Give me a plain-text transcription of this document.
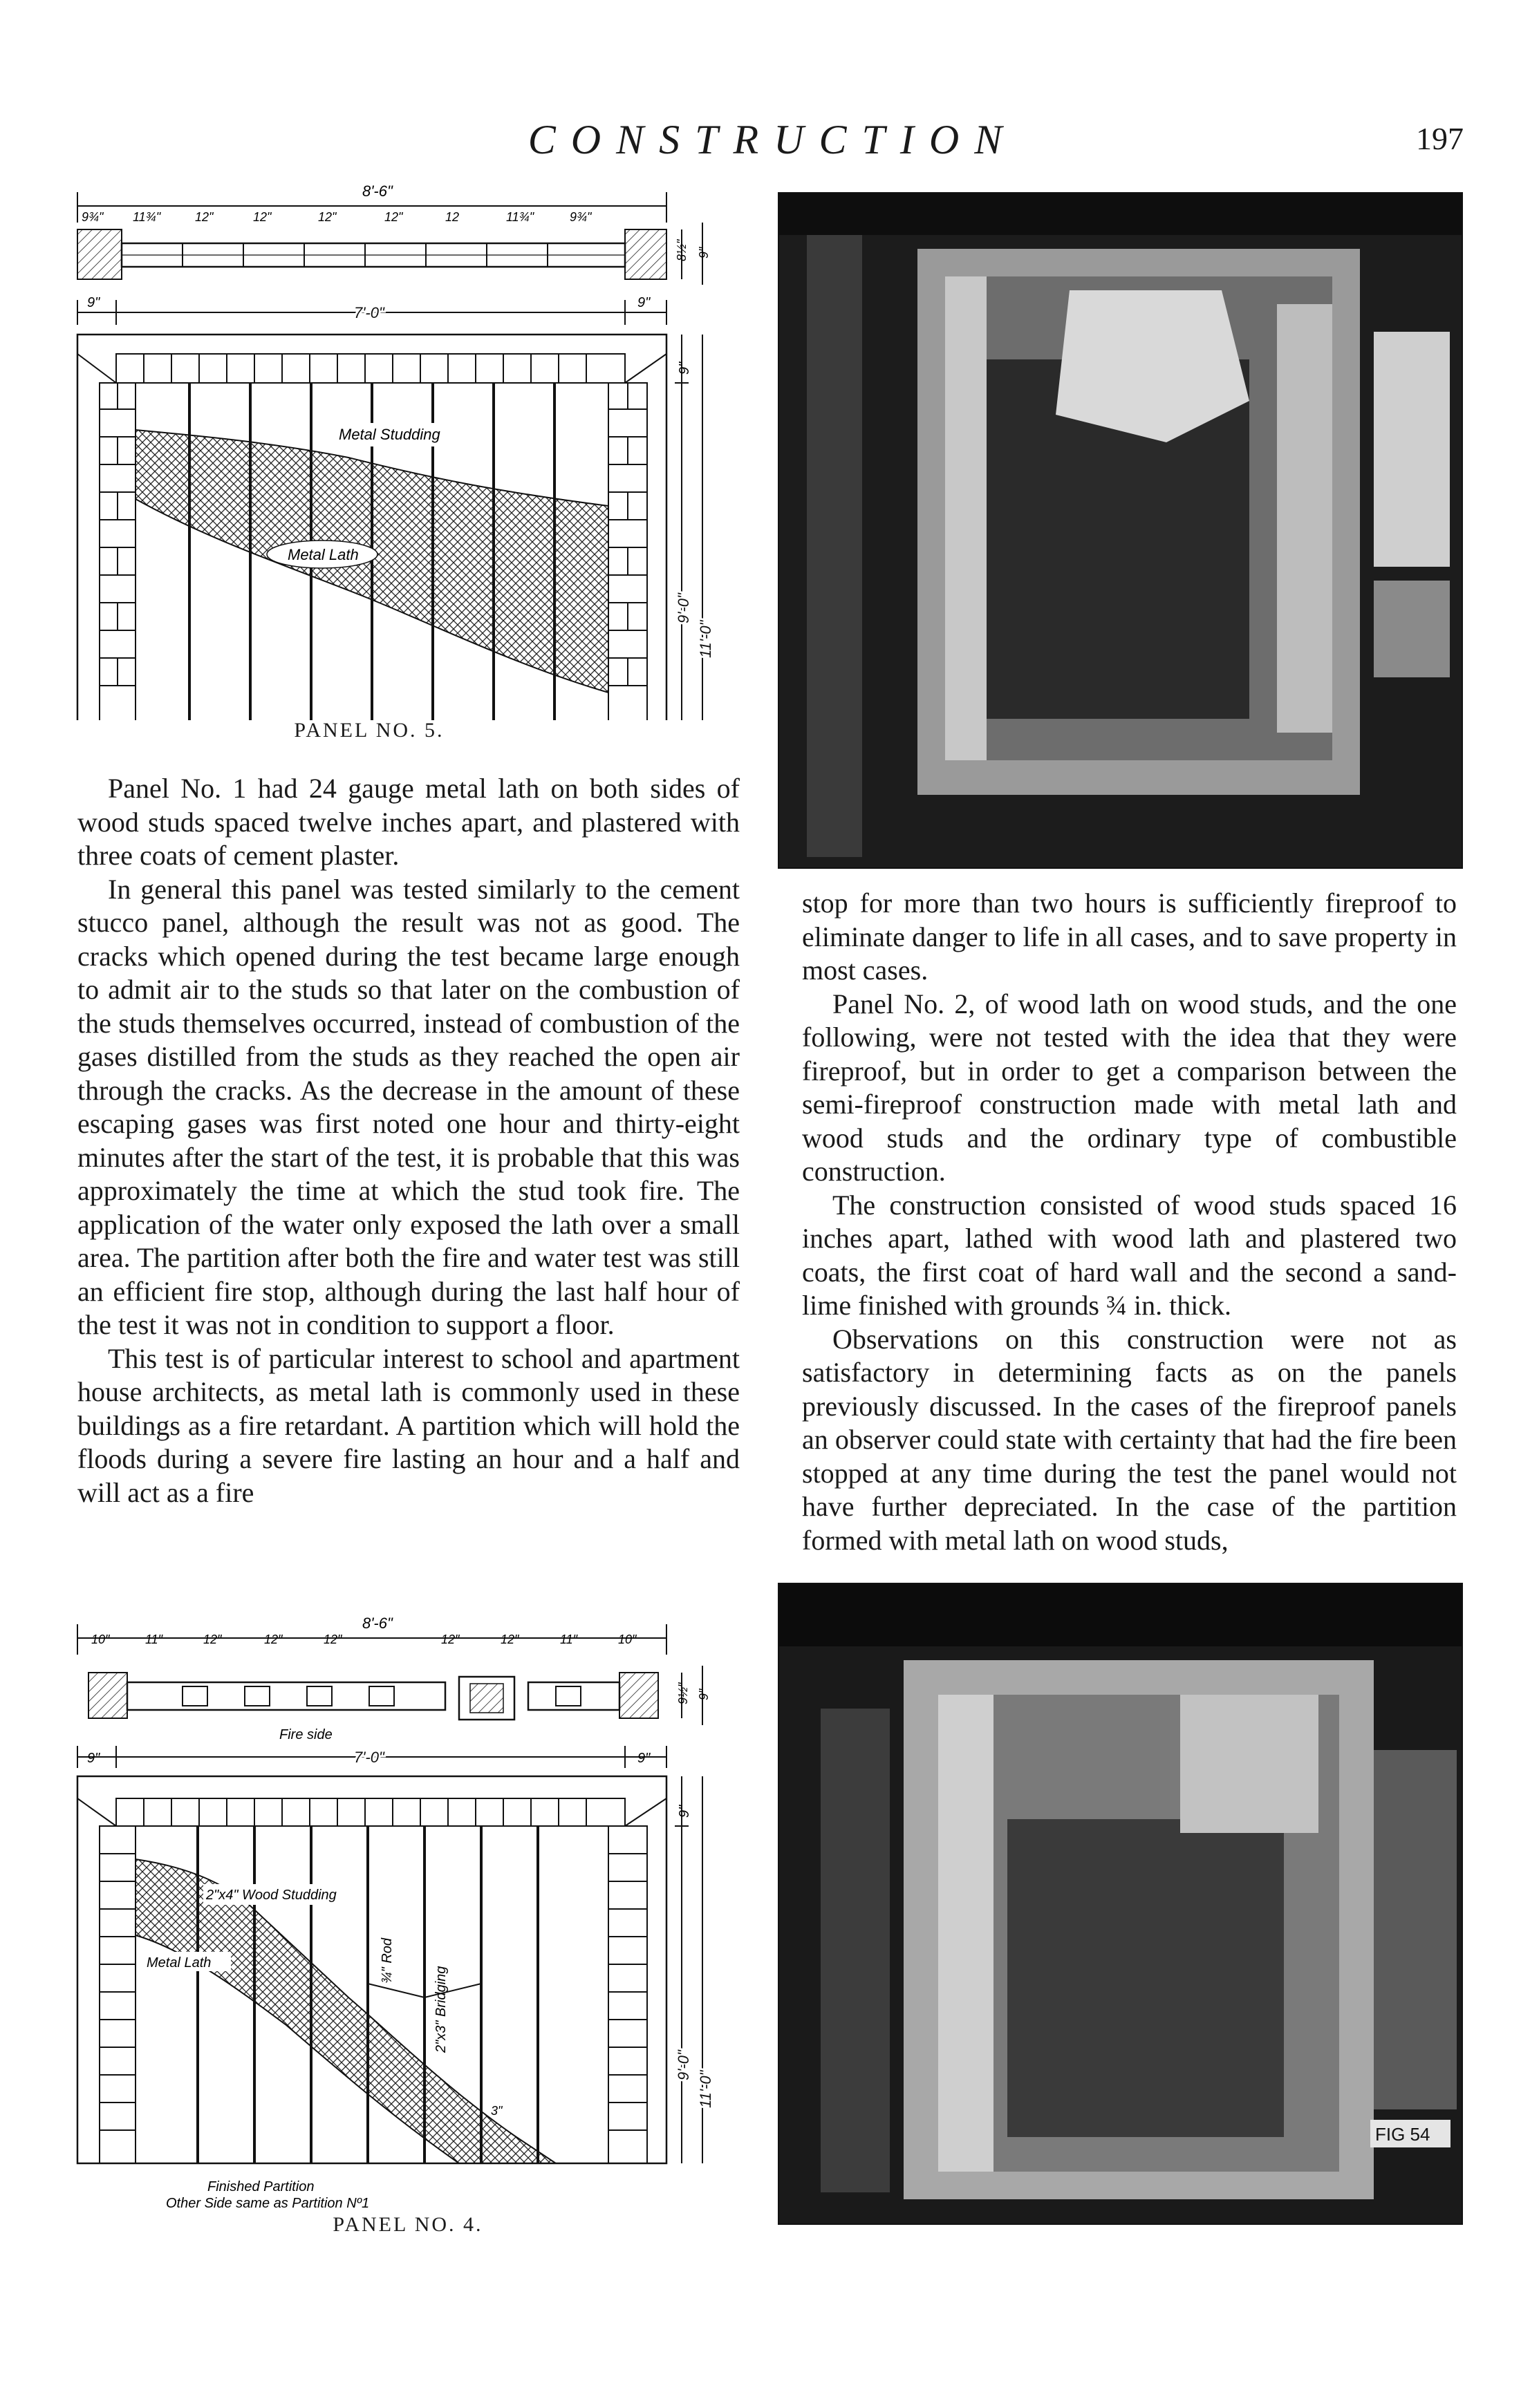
CONSTRUCTION	197
8'-6"
9¾" 11¾"	12"	12"	12"	12"	12	11¾"	9¾"
8½" 9"
9"
7'-0"
9"
Metal Studding
Metal Lath
9"
9'-0"
11'-0"
PANEL NO. 5.

Panel No. 1 had 24 gauge metal lath on both sides of wood studs spaced twelve inches apart, and plastered with three coats of cement plaster.

In general this panel was tested similarly to the cement stucco panel, although the result was not as good. The cracks which opened during the test became large enough to admit air to the studs so that later on the combustion of the studs themselves occurred, instead of combustion of the gases distilled from the studs as they reached the open air through the cracks. As the decrease in the amount of these escaping gases was first noted one hour and thirty-eight minutes after the start of the test, it is probable that this was approximately the time at which the stud took fire. The application of the water only exposed the lath over a small area. The partition after both the fire and water test was still an efficient fire stop, although during the last half hour of the test it was not in condition to support a floor.

This test is of particular interest to school and apartment house architects, as metal lath is commonly used in these buildings as a fire retardant. A partition which will hold the floods during a severe fire lasting an hour and a half and will act as a fire

stop for more than two hours is sufficiently fireproof to eliminate danger to life in all cases, and to save property in most cases.

Panel No. 2, of wood lath on wood studs, and the one following, were not tested with the idea that they were fireproof, but in order to get a comparison between the semi-fireproof construction made with metal lath and wood studs and the ordinary type of combustible construction.

The construction consisted of wood studs spaced 16 inches apart, lathed with wood lath and plastered two coats, the first coat of hard wall and the second a sand-lime finished with grounds ¾ in. thick.

Observations on this construction were not as satisfactory in determining facts as on the panels previously discussed. In the cases of the fireproof panels an observer could state with certainty that had the fire been stopped at any time during the test the panel would not have further depreciated. In the case of the partition formed with metal lath on wood studs,

8'-6"
10"	11"	12"	12"	12"	12"	12"	11"	10"
Fire side
9½" 9"
9"	7'-0"	9"
2"x4" Wood Studding
Metal Lath	¾" Rod
2"x3" Bridging
3"
Finished Partition
Other Side same as Partition Nº1
9"
9'-0"
11'-0"
PANEL NO. 4.
FIG 54
